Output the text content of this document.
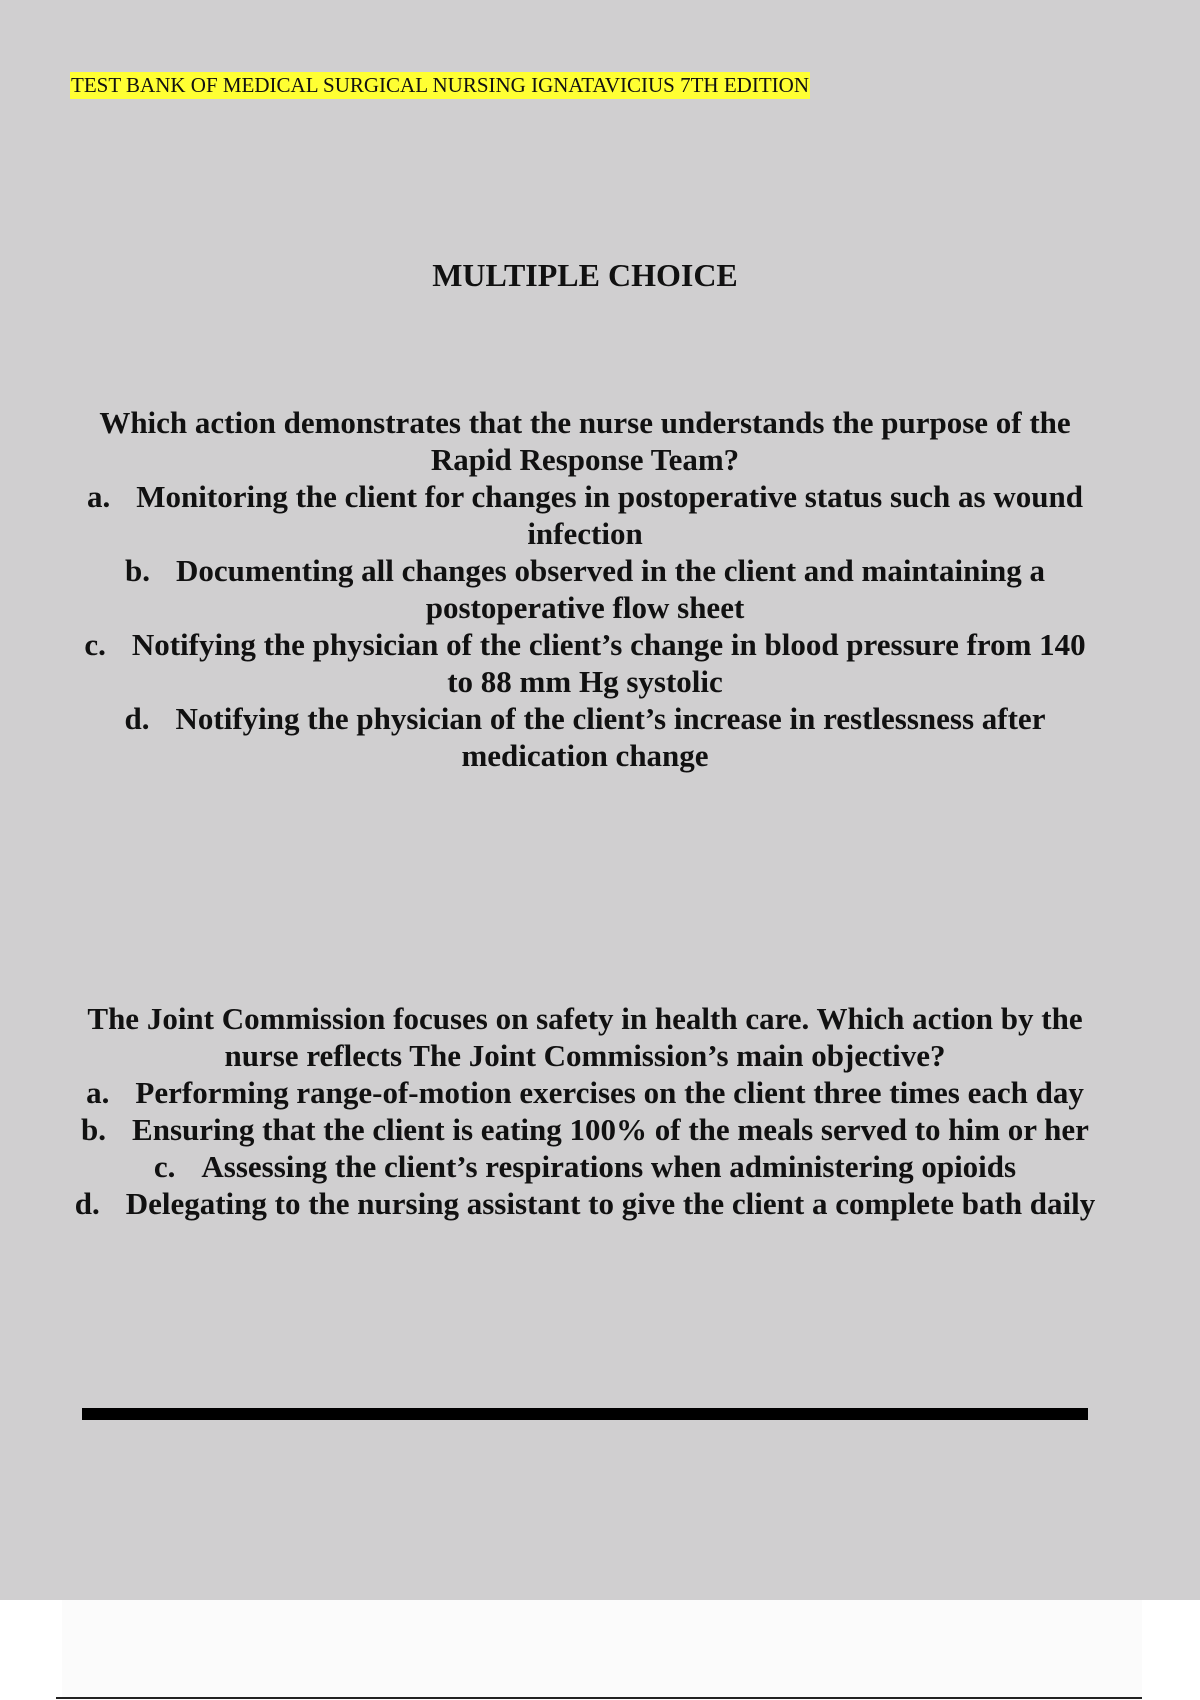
TEST BANK OF MEDICAL SURGICAL NURSING IGNATAVICIUS 7TH EDITION
MULTIPLE CHOICE
Which action demonstrates that the nurse understands the purpose of the Rapid Response Team?
a. Monitoring the client for changes in postoperative status such as wound infection
b. Documenting all changes observed in the client and maintaining a postoperative flow sheet
c. Notifying the physician of the client’s change in blood pressure from 140 to 88 mm Hg systolic
d. Notifying the physician of the client’s increase in restlessness after medication change
The Joint Commission focuses on safety in health care. Which action by the nurse reflects The Joint Commission’s main objective?
a. Performing range-of-motion exercises on the client three times each day
b. Ensuring that the client is eating 100% of the meals served to him or her
c. Assessing the client’s respirations when administering opioids
d. Delegating to the nursing assistant to give the client a complete bath daily
